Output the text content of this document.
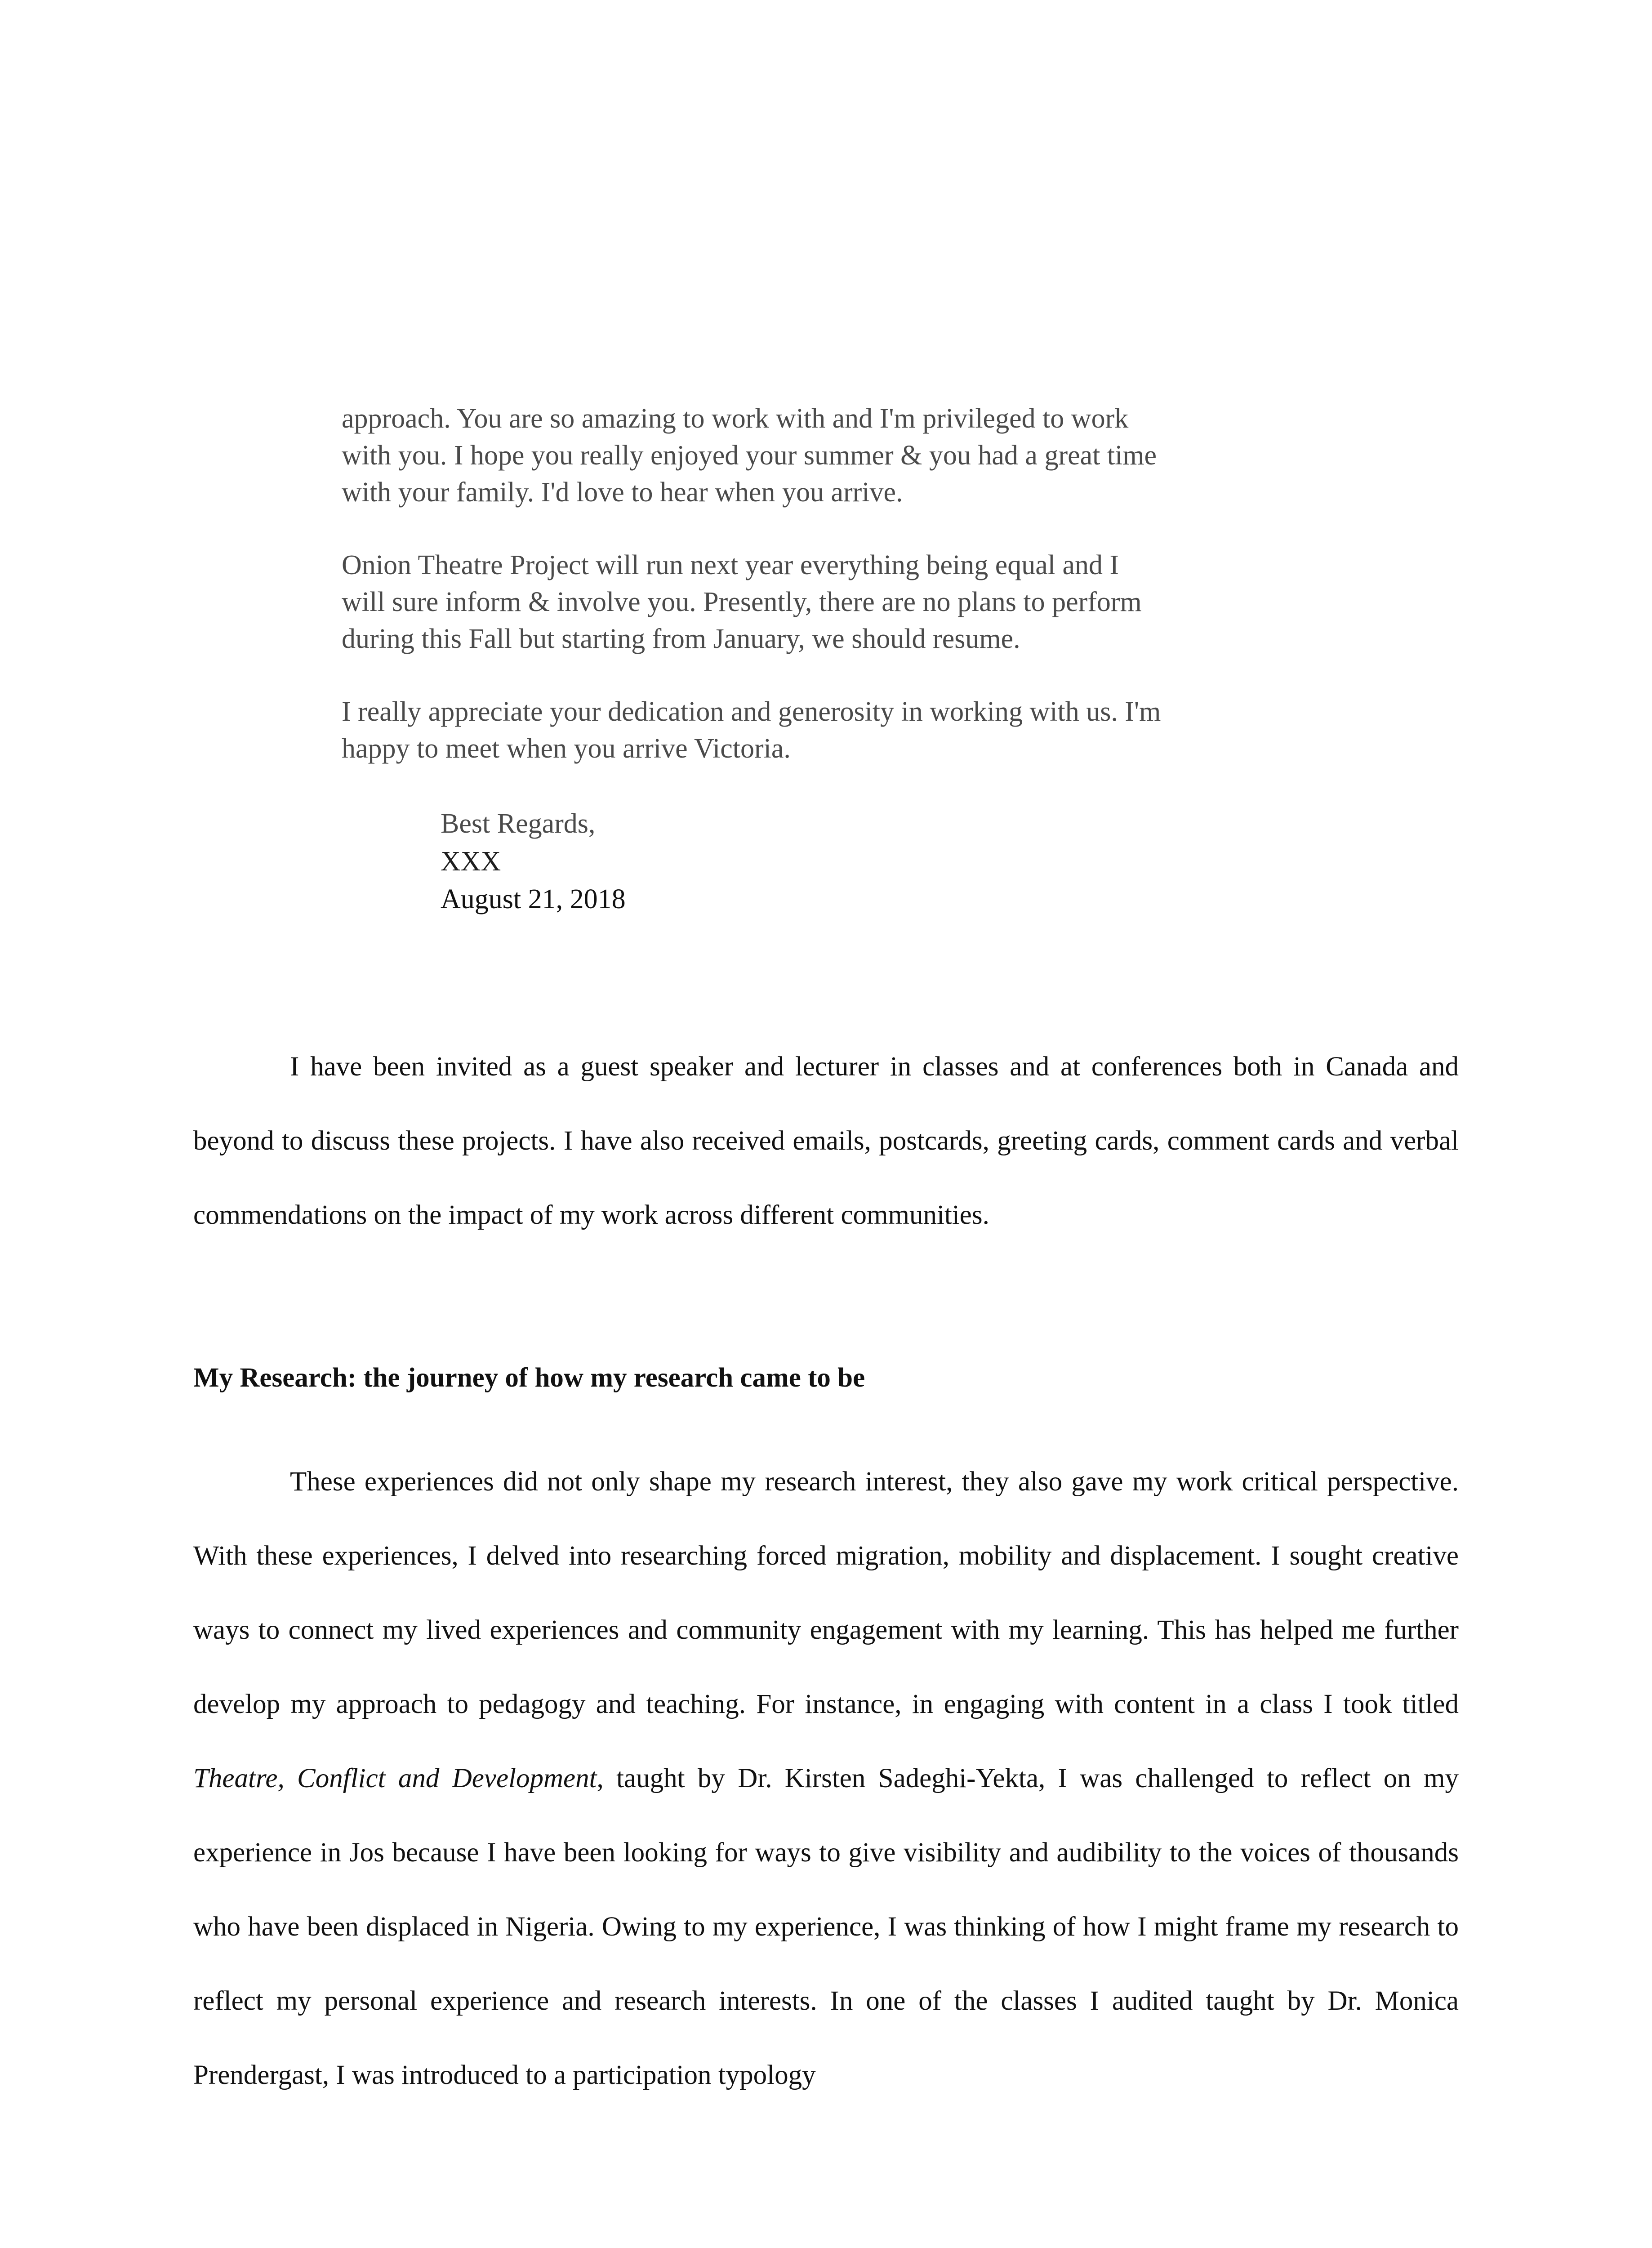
approach. You are so amazing to work with and I'm privileged to work

with you. I hope you really enjoyed your summer & you had a great time

with your family. I'd love to hear when you arrive.

Onion Theatre Project will run next year everything being equal and I

will sure inform & involve you. Presently, there are no plans to perform

during this Fall but starting from January, we should resume.

I really appreciate your dedication and generosity in working with us. I'm

happy to meet when you arrive Victoria.

Best Regards,
XXX
August 21, 2018

I have been invited as a guest speaker and lecturer in classes and at conferences both in Canada and beyond to discuss these projects. I have also received emails, postcards, greeting cards, comment cards and verbal commendations on the impact of my work across different communities.

My Research: the journey of how my research came to be

These experiences did not only shape my research interest, they also gave my work critical perspective. With these experiences, I delved into researching forced migration, mobility and displacement. I sought creative ways to connect my lived experiences and community engagement with my learning. This has helped me further develop my approach to pedagogy and teaching. For instance, in engaging with content in a class I took titled Theatre, Conflict and Development, taught by Dr. Kirsten Sadeghi-Yekta, I was challenged to reflect on my experience in Jos because I have been looking for ways to give visibility and audibility to the voices of thousands who have been displaced in Nigeria. Owing to my experience, I was thinking of how I might frame my research to reflect my personal experience and research interests. In one of the classes I audited taught by Dr. Monica Prendergast, I was introduced to a participation typology
